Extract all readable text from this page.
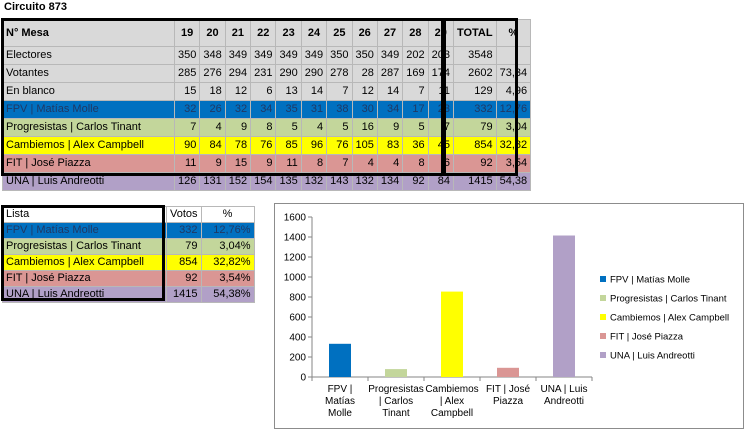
Circuito 873
N° Mesa	19	20	21	22	23	24	25	26	27	28	29	TOTAL	%
Electores	350	348	349	349	349	349	350	350	349	202	203	3548	
Votantes	285	276	294	231	290	290	278	28	287	169	174	2602	73,34
En blanco	15	18	12	6	13	14	7	12	14	7	11	129	4,96
FPV | Matías Molle	32	26	32	34	35	31	38	30	34	17	23	332	12,76
Progresistas | Carlos Tinant	7	4	9	8	5	4	5	16	9	5	7	79	3,04
Cambiemos | Alex Campbell	90	84	78	76	85	96	76	105	83	36	45	854	32,82
FIT | José Piazza	11	9	15	9	11	8	7	4	4	8	6	92	3,54
UNA | Luis Andreotti	126	131	152	154	135	132	143	132	134	92	84	1415	54,38
Lista	Votos	%
FPV | Matías Molle	332	12,76%
Progresistas | Carlos Tinant	79	3,04%
Cambiemos | Alex Campbell	854	32,82%
FIT | José Piazza	92	3,54%
UNA | Luis Andreotti	1415	54,38%
0
200
400
600
800
1000
1200
1400
1600
FPV | Matías Molle
Progresistas | Carlos Tinant
Cambiemos | Alex Campbell
FIT | José Piazza
UNA | Luis Andreotti
FPV | Matías Molle
Progresistas | Carlos Tinant
Cambiemos | Alex Campbell
FIT | José Piazza
UNA | Luis Andreotti
